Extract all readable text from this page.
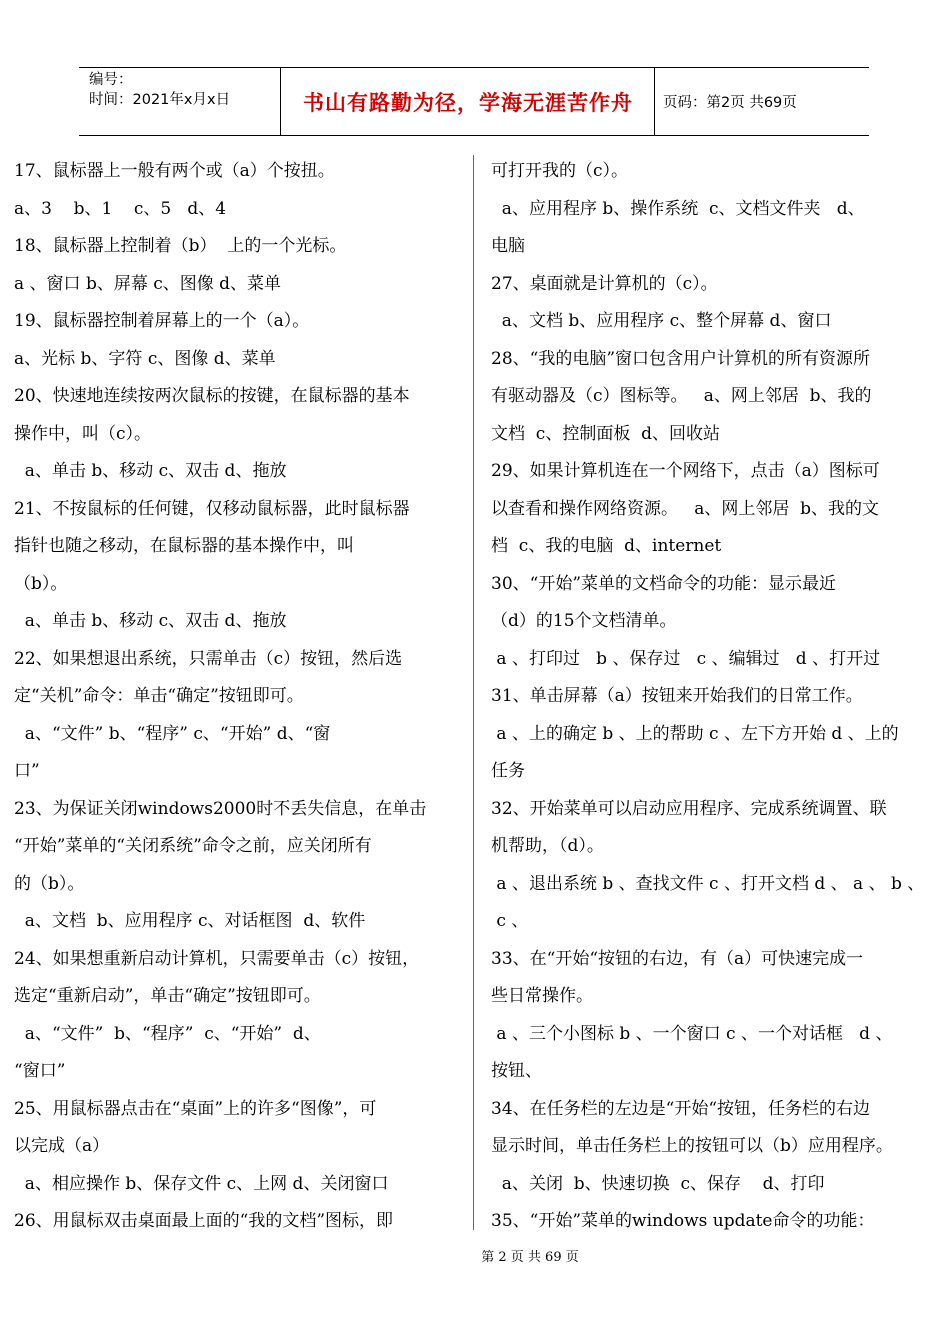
编号：
时间：2021年x月x日	书山有路勤为径，学海无涯苦作舟	页码：第2页 共69页
17、鼠标器上一般有两个或（a）个按扭。
a、3    b、1    c、5   d、4
18、鼠标器上控制着（b）  上的一个光标。
a 、窗口 b、屏幕 c、图像 d、菜单
19、鼠标器控制着屏幕上的一个（a）。
a、光标 b、字符 c、图像 d、菜单
20、快速地连续按两次鼠标的按键，在鼠标器的基本
操作中，叫（c）。
a、单击 b、移动 c、双击 d、拖放
21、不按鼠标的任何键，仅移动鼠标器，此时鼠标器
指针也随之移动，在鼠标器的基本操作中，叫
（b）。
a、单击 b、移动 c、双击 d、拖放
22、如果想退出系统，只需单击（c）按钮，然后选
定“关机”命令：单击“确定”按钮即可。
a、“文件” b、“程序” c、“开始” d、“窗
口”
23、为保证关闭windows2000时不丢失信息，在单击
“开始”菜单的“关闭系统”命令之前，应关闭所有
的（b）。
a、文档  b、应用程序 c、对话框图  d、软件
24、如果想重新启动计算机，只需要单击（c）按钮，
选定“重新启动”，单击“确定”按钮即可。
a、“文件”  b、“程序”  c、“开始”  d、
“窗口”
25、用鼠标器点击在“桌面”上的许多“图像”，可
以完成（a）
a、相应操作 b、保存文件 c、上网 d、关闭窗口
26、用鼠标双击桌面最上面的“我的文档”图标，即
可打开我的（c）。
a、应用程序 b、操作系统  c、文档文件夹   d、
电脑
27、桌面就是计算机的（c）。
a、文档 b、应用程序 c、整个屏幕 d、窗口
28、“我的电脑”窗口包含用户计算机的所有资源所
有驱动器及（c）图标等。   a、网上邻居  b、我的
文档  c、控制面板  d、回收站
29、如果计算机连在一个网络下，点击（a）图标可
以查看和操作网络资源。   a、网上邻居  b、我的文
档  c、我的电脑  d、internet
30、“开始”菜单的文档命令的功能：显示最近
（d）的15个文档清单。
a 、打印过   b 、保存过   c 、编辑过   d 、打开过
31、单击屏幕（a）按钮来开始我们的日常工作。
a 、上的确定 b 、上的帮助 c 、左下方开始 d 、上的
任务
32、开始菜单可以启动应用程序、完成系统调置、联
机帮助，（d）。
a 、退出系统 b 、查找文件 c 、打开文档 d 、 a 、 b 、
c 、
33、在“开始“按钮的右边，有（a）可快速完成一
些日常操作。
a 、三个小图标 b 、一个窗口 c 、一个对话框   d 、
按钮、
34、在任务栏的左边是“开始“按钮，任务栏的右边
显示时间，单击任务栏上的按钮可以（b）应用程序。
a、关闭  b、快速切换  c、保存    d、打印
35、“开始”菜单的windows update命令的功能：
第 2 页 共 69 页
